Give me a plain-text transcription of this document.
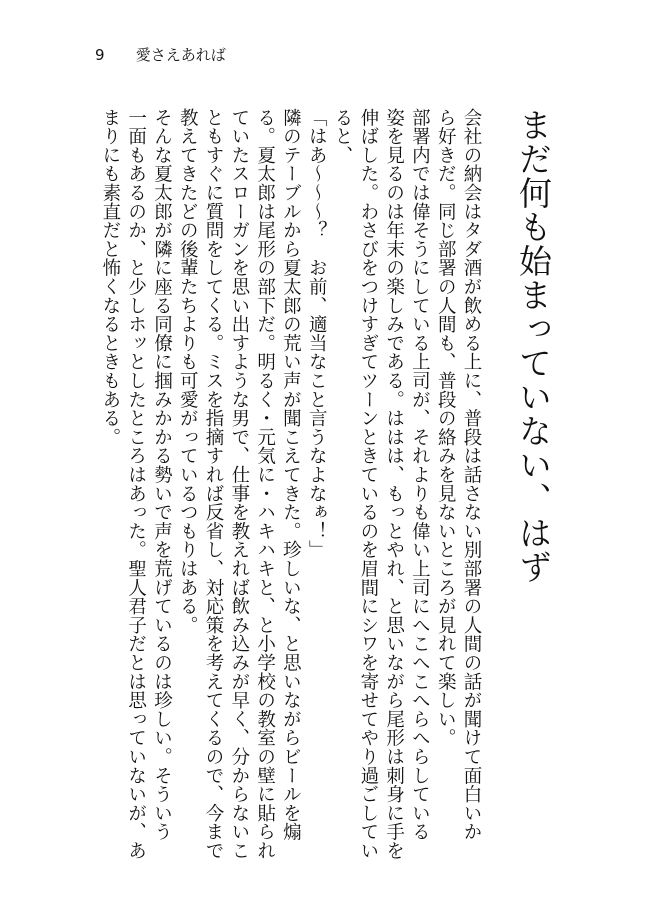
9 愛さえあれば
まだ何も始まっていない、はず

会社の納会はタダ酒が飲める上に、普段は話さない別部署の人間の話が聞けて面白いか

ら好きだ。同じ部署の人間も、普段の絡みを見ないところが見れて楽しい。

部署内では偉そうにしている上司が、それよりも偉い上司にへこへこへらへらしている

姿を見るのは年末の楽しみである。ははは、もっとやれ、と思いながら尾形は刺身に手を

伸ばした。わさびをつけすぎてツーンときているのを眉間にシワを寄せてやり過ごしてい

ると、

「はあ〜〜〜？　お前、適当なこと言うなよなぁ！」

隣のテーブルから夏太郎の荒い声が聞こえてきた。珍しいな、と思いながらビールを煽

る。夏太郎は尾形の部下だ。明るく・元気に・ハキハキと、と小学校の教室の壁に貼られ

ていたスローガンを思い出すような男で、仕事を教えれば飲み込みが早く、分からないこ

ともすぐに質問をしてくる。ミスを指摘すれば反省し、対応策を考えてくるので、今まで

教えてきたどの後輩たちよりも可愛がっているつもりはある。

そんな夏太郎が隣に座る同僚に掴みかかる勢いで声を荒げているのは珍しい。そういう

一面もあるのか、と少しホッとしたところはあった。聖人君子だとは思っていないが、あ

まりにも素直だと怖くなるときもある。
